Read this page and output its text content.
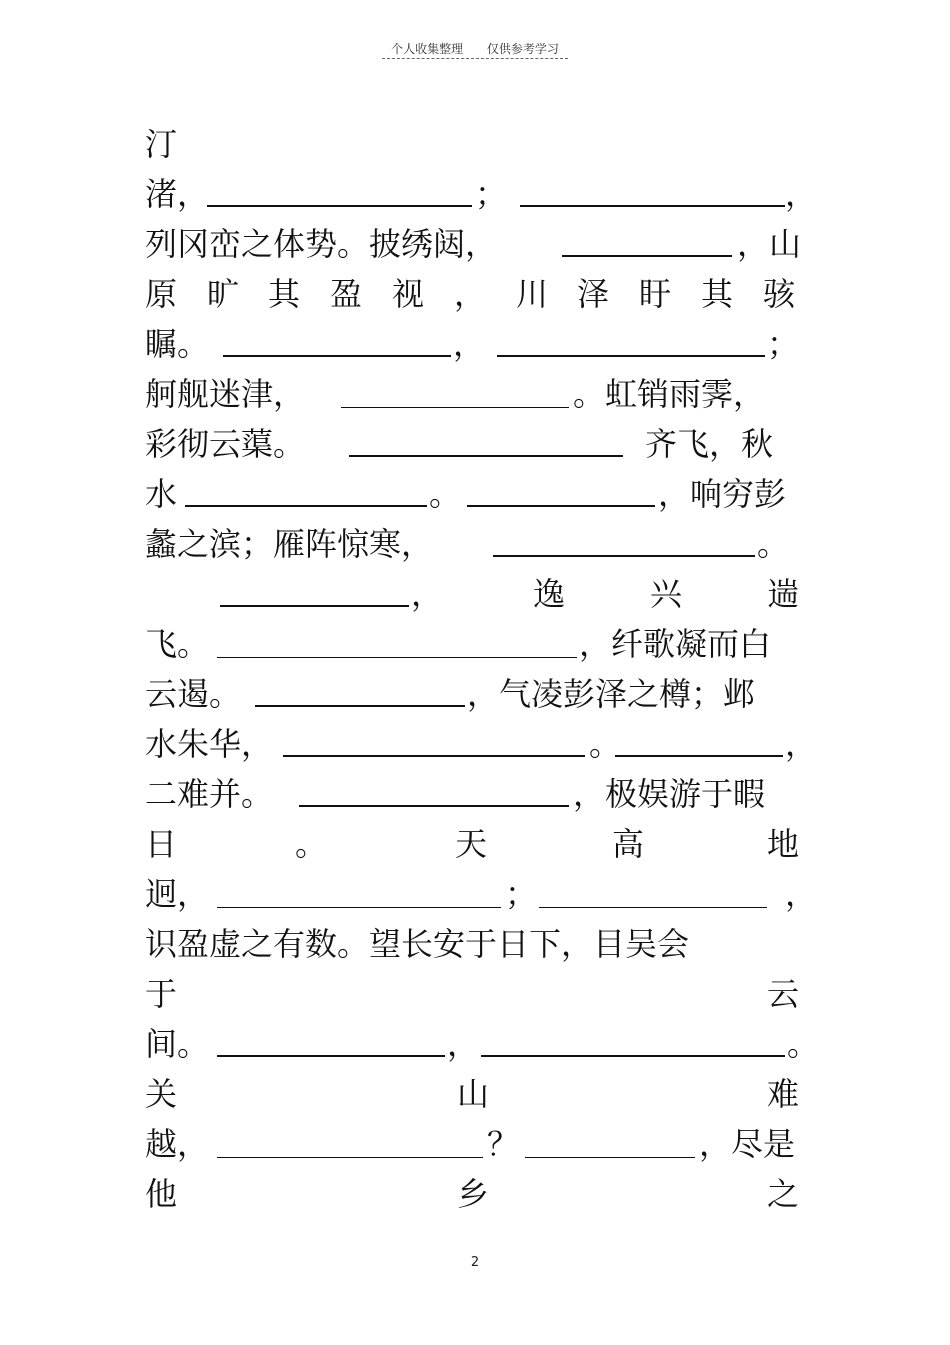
个人收集整理 仅供参考学习
汀
渚，	；	，
列冈峦之体势。披绣闼，	，山
原 旷 其 盈 视 ， 川 泽 盱 其 骇
瞩。	，	；
舸舰迷津，	。虹销雨霁，
彩彻云蕖。	齐飞，秋
水	。	，响穷彭
蠡之滨；雁阵惊寒，	。
，	逸	兴	遄
飞。	，纤歌凝而白
云遏。	，气凌彭泽之樽；邺
水朱华，	。	，
二难并。	，极娱游于暇
日	。	天	高	地
迥，	；	，
识盈虚之有数。望长安于日下，目吴会
于	云
间。	，	。
关	山	难
越，	？	，尽是
他	乡	之
2
